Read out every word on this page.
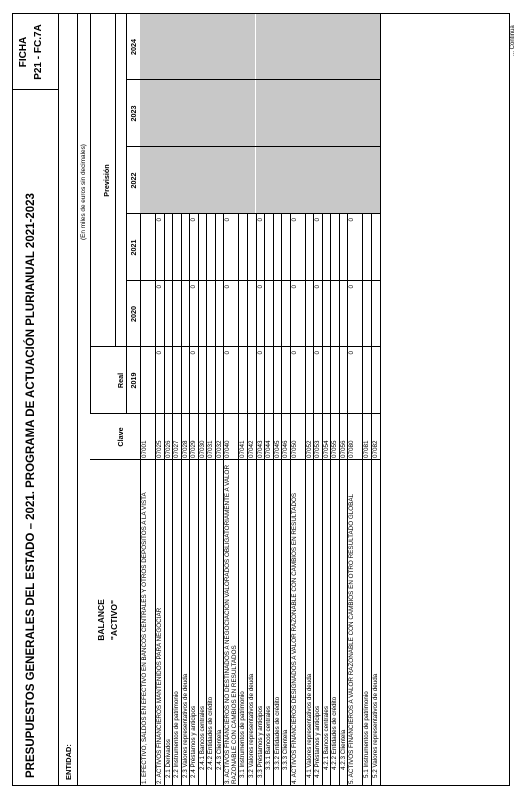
PRESUPUESTOS GENERALES DEL ESTADO – 2021. PROGRAMA DE ACTUACIÓN PLURIANUAL 2021-2023
FICHA P21 - FC.7A
ENTIDAD:
(En miles de euros sin decimales)
... Continúa
BALANCE "ACTIVO"
Clave
Real
Previsión
2019
2020
2021
2022
2023
2024
1. EFECTIVO, SALDOS EN EFECTIVO EN BANCOS CENTRALES Y OTROS DEPÓSITOS A LA VISTA
07001
2. ACTIVOS FINANCIEROS MANTENIDOS PARA NEGOCIAR
07025
0
0
0
2.1 Derivados
07026
2.2 Instrumentos de patrimonio
07027
2.3 Valores representativos de deuda
07028
2.4 Préstamos y anticipos
07029
0
0
0
2.4.1 Bancos centrales
07030
2.4.2 Entidades de crédito
07031
2.4.3 Clientela
07032
3. ACTIVOS FINANCIEROS NO DESTINADOS A NEGOCIACIÓN VALORADOS OBLIGATORIAMENTE A VALOR RAZONABLE CON CAMBIOS EN RESULTADOS
07040
0
0
0
3.1 Instrumentos de patrimonio
07041
3.2 Valores representativos de deuda
07042
3.3 Préstamos y anticipos
07043
0
0
0
3.3.1 Bancos centrales
07044
3.3.2 Entidades de crédito
07045
3.3.3 Clientela
07046
4. ACTIVOS FINANCIEROS DESIGNADOS A VALOR RAZONABLE CON CAMBIOS EN RESULTADOS
07050
0
0
0
4.1 Valores representativos de deuda
07052
4.2 Préstamos y anticipos
07053
0
0
0
4.2.1 Bancos centrales
07054
4.2.2 Entidades de crédito
07055
4.2.3 Clientela
07056
5. ACTIVOS FINANCIEROS A VALOR RAZONABLE CON CAMBIOS EN OTRO RESULTADO GLOBAL
07080
0
0
0
5.1 Instrumentos de patrimonio
07081
5.2 Valores representativos de deuda
07082
